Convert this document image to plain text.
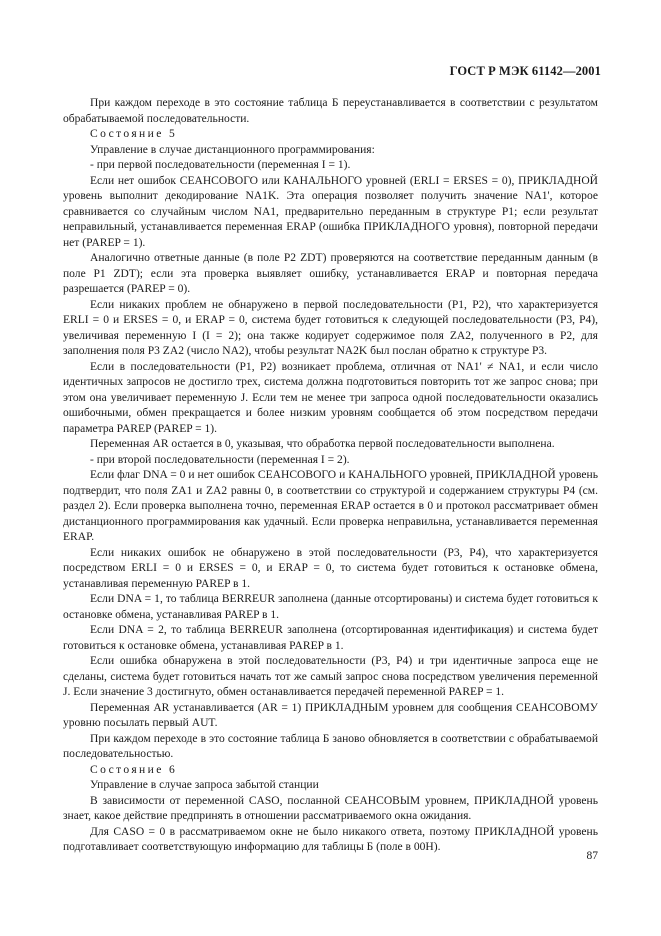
ГОСТ Р МЭК 61142—2001

При каждом переходе в это состояние таблица Б переустанавливается в соответствии с результатом обрабатываемой последовательности.

Состояние 5

Управление в случае дистанционного программирования:

- при первой последовательности (переменная I = 1).

Если нет ошибок СЕАНСОВОГО или КАНАЛЬНОГО уровней (ERLI = ERSES = 0), ПРИКЛАДНОЙ уровень выполнит декодирование NA1K. Эта операция позволяет получить значение NA1', которое сравнивается со случайным числом NA1, предварительно переданным в структуре P1; если результат неправильный, устанавливается переменная ERAP (ошибка ПРИКЛАДНОГО уровня), повторной передачи нет (PAREP = 1).

Аналогично ответные данные (в поле P2 ZDT) проверяются на соответствие переданным данным (в поле P1 ZDT); если эта проверка выявляет ошибку, устанавливается ERAP и повторная передача разрешается (PAREP = 0).

Если никаких проблем не обнаружено в первой последовательности (P1, P2), что характеризуется ERLI = 0 и ERSES = 0, и ERAP = 0, система будет готовиться к следующей последовательности (P3, P4), увеличивая переменную I (I = 2); она также кодирует содержимое поля ZA2, полученного в P2, для заполнения поля P3 ZA2 (число NA2), чтобы результат NA2K был послан обратно к структуре P3.

Если в последовательности (P1, P2) возникает проблема, отличная от NA1' ≠ NA1, и если число идентичных запросов не достигло трех, система должна подготовиться повторить тот же запрос снова; при этом она увеличивает переменную J. Если тем не менее три запроса одной последовательности оказались ошибочными, обмен прекращается и более низким уровням сообщается об этом посредством передачи параметра PAREP (PAREP = 1).

Переменная AR остается в 0, указывая, что обработка первой последовательности выполнена.

- при второй последовательности (переменная I = 2).

Если флаг DNA = 0 и нет ошибок СЕАНСОВОГО и КАНАЛЬНОГО уровней, ПРИКЛАДНОЙ уровень подтвердит, что поля ZA1 и ZA2 равны 0, в соответствии со структурой и содержанием структуры P4 (см. раздел 2). Если проверка выполнена точно, переменная ERAP остается в 0 и протокол рассматривает обмен дистанционного программирования как удачный. Если проверка неправильна, устанавливается переменная ERAP.

Если никаких ошибок не обнаружено в этой последовательности (P3, P4), что характеризуется посредством ERLI = 0 и ERSES = 0, и ERAP = 0, то система будет готовиться к остановке обмена, устанавливая переменную PAREP в 1.

Если DNA = 1, то таблица BERREUR заполнена (данные отсортированы) и система будет готовиться к остановке обмена, устанавливая PAREP в 1.

Если DNA = 2, то таблица BERREUR заполнена (отсортированная идентификация) и система будет готовиться к остановке обмена, устанавливая PAREP в 1.

Если ошибка обнаружена в этой последовательности (P3, P4) и три идентичные запроса еще не сделаны, система будет готовиться начать тот же самый запрос снова посредством увеличения переменной J. Если значение 3 достигнуто, обмен останавливается передачей переменной PAREP = 1.

Переменная AR устанавливается (AR = 1) ПРИКЛАДНЫМ уровнем для сообщения СЕАНСОВОМУ уровню посылать первый AUT.

При каждом переходе в это состояние таблица Б заново обновляется в соответствии с обрабатываемой последовательностью.

Состояние 6

Управление в случае запроса забытой станции

В зависимости от переменной CASO, посланной СЕАНСОВЫМ уровнем, ПРИКЛАДНОЙ уровень знает, какое действие предпринять в отношении рассматриваемого окна ожидания.

Для CASO = 0 в рассматриваемом окне не было никакого ответа, поэтому ПРИКЛАДНОЙ уровень подготавливает соответствующую информацию для таблицы Б (поле в 00H).

87
